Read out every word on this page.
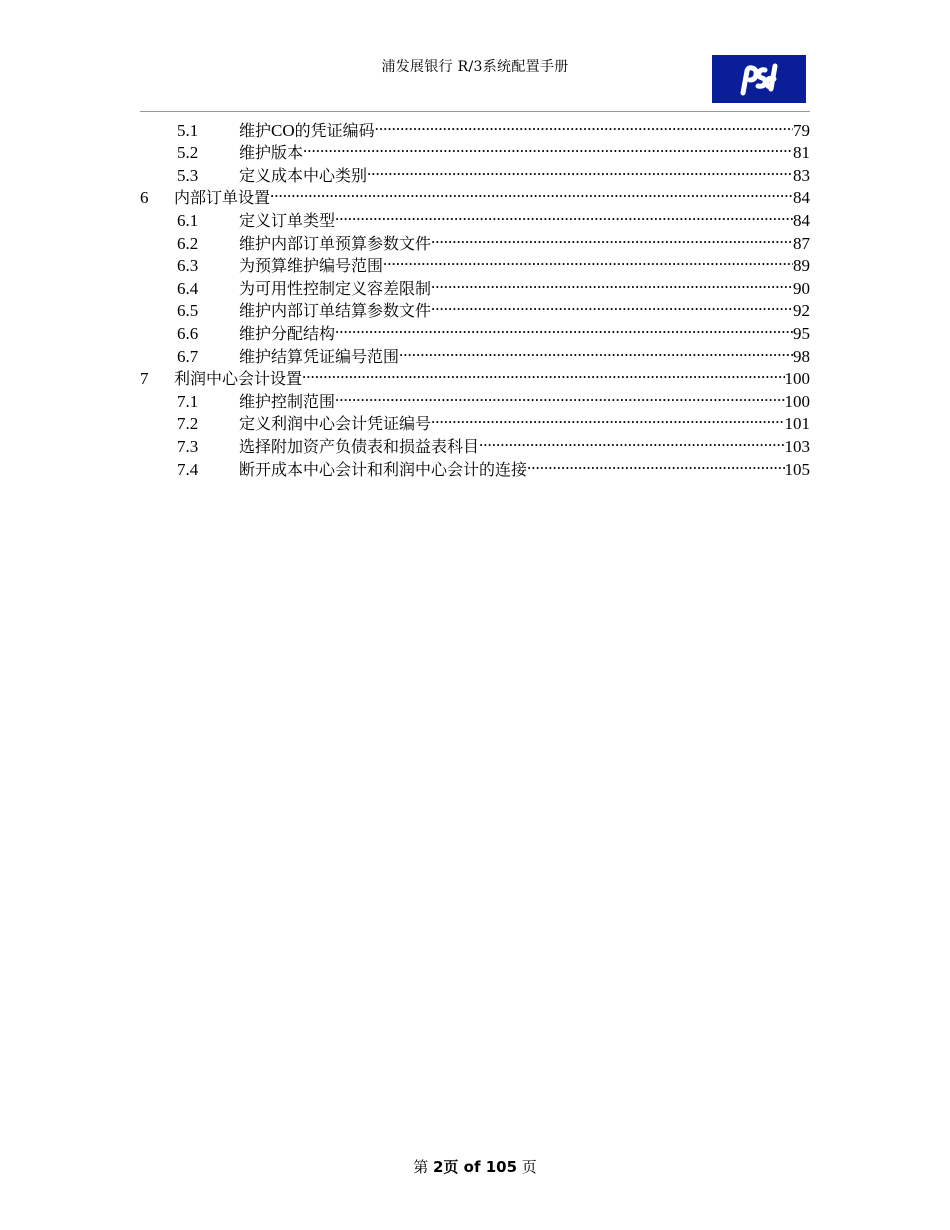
浦发展银行 R/3系统配置手册
5.1	维护CO的凭证编码 .....	79
5.2	维护版本 .....	81
5.3	定义成本中心类别 .....	83
6	内部订单设置 .....	84
6.1	定义订单类型 .....	84
6.2	维护内部订单预算参数文件 .....	87
6.3	为预算维护编号范围 .....	89
6.4	为可用性控制定义容差限制 .....	90
6.5	维护内部订单结算参数文件 .....	92
6.6	维护分配结构 .....	95
6.7	维护结算凭证编号范围 .....	98
7	利润中心会计设置 .....	100
7.1	维护控制范围 .....	100
7.2	定义利润中心会计凭证编号 .....	101
7.3	选择附加资产负债表和损益表科目 .....	103
7.4	断开成本中心会计和利润中心会计的连接 .....	105
第 2页 of 105 页
